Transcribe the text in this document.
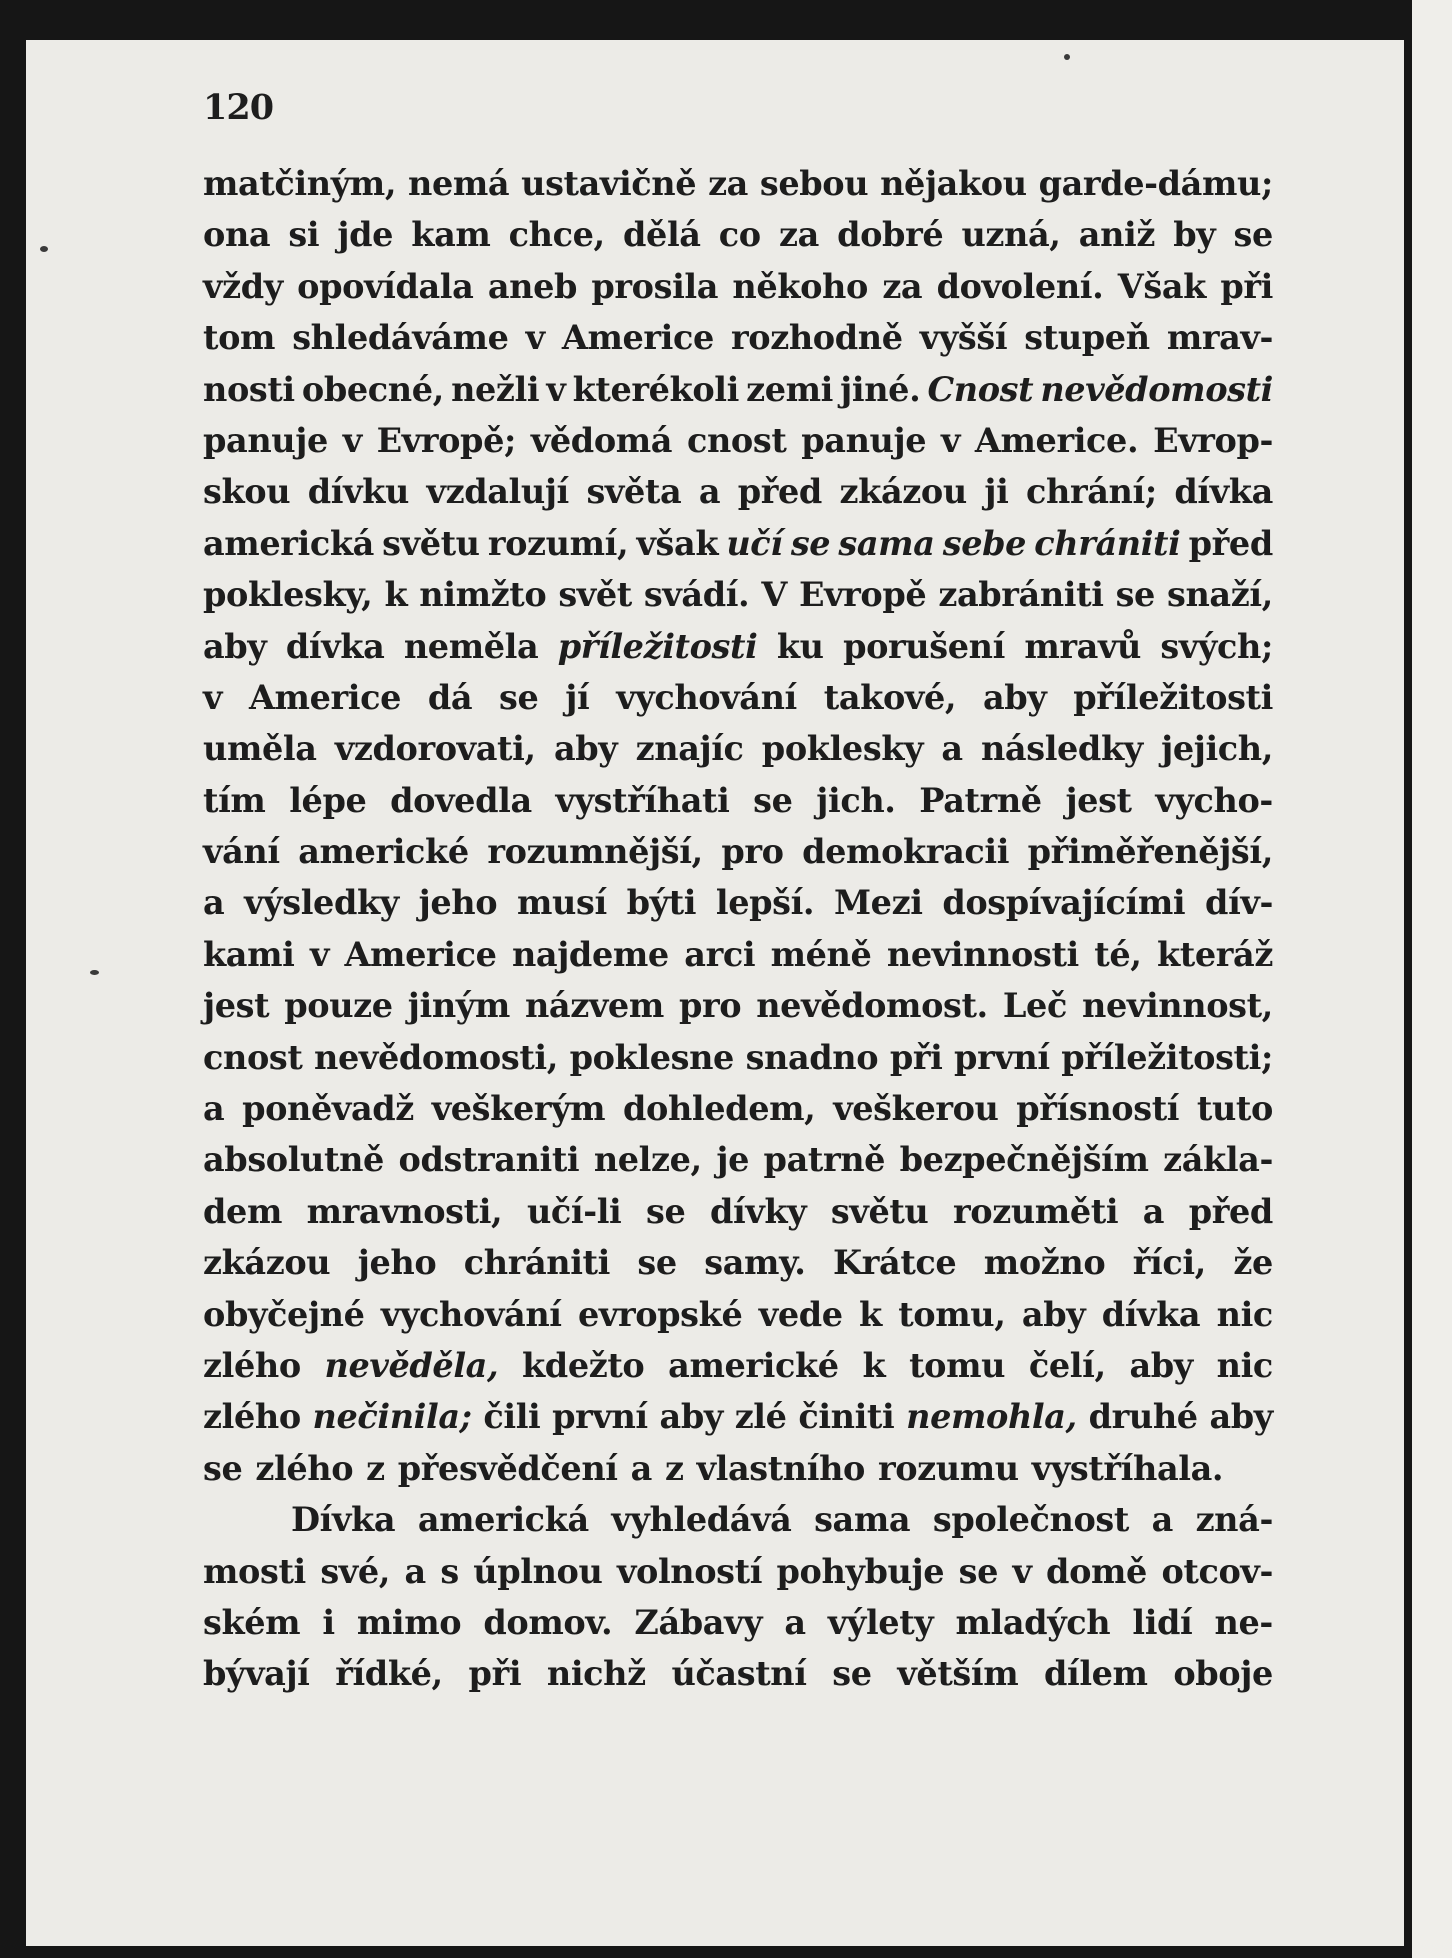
120
matčiným, nemá ustavičně za sebou nějakou garde-dámu;
ona si jde kam chce, dělá co za dobré uzná, aniž by se
vždy opovídala aneb prosila někoho za dovolení. Však při
tom shledáváme v Americe rozhodně vyšší stupeň mrav-
nosti obecné, nežli v kterékoli zemi jiné. Cnost nevědomosti
panuje v Evropě; vědomá cnost panuje v Americe. Evrop-
skou dívku vzdalují světa a před zkázou ji chrání; dívka
americká světu rozumí, však učí se sama sebe chrániti před
poklesky, k nimžto svět svádí. V Evropě zabrániti se snaží,
aby dívka neměla příležitosti ku porušení mravů svých;
v Americe dá se jí vychování takové, aby příležitosti
uměla vzdorovati, aby znajíc poklesky a následky jejich,
tím lépe dovedla vystříhati se jich. Patrně jest vycho-
vání americké rozumnější, pro demokracii přiměřenější,
a výsledky jeho musí býti lepší. Mezi dospívajícími dív-
kami v Americe najdeme arci méně nevinnosti té, kteráž
jest pouze jiným názvem pro nevědomost. Leč nevinnost,
cnost nevědomosti, poklesne snadno při první příležitosti;
a poněvadž veškerým dohledem, veškerou přísností tuto
absolutně odstraniti nelze, je patrně bezpečnějším zákla-
dem mravnosti, učí-li se dívky světu rozuměti a před
zkázou jeho chrániti se samy. Krátce možno říci, že
obyčejné vychování evropské vede k tomu, aby dívka nic
zlého nevěděla, kdežto americké k tomu čelí, aby nic
zlého nečinila; čili první aby zlé činiti nemohla, druhé aby
se zlého z přesvědčení a z vlastního rozumu vystříhala.
Dívka americká vyhledává sama společnost a zná-
mosti své, a s úplnou volností pohybuje se v domě otcov-
ském i mimo domov. Zábavy a výlety mladých lidí ne-
bývají řídké, při nichž účastní se větším dílem oboje
